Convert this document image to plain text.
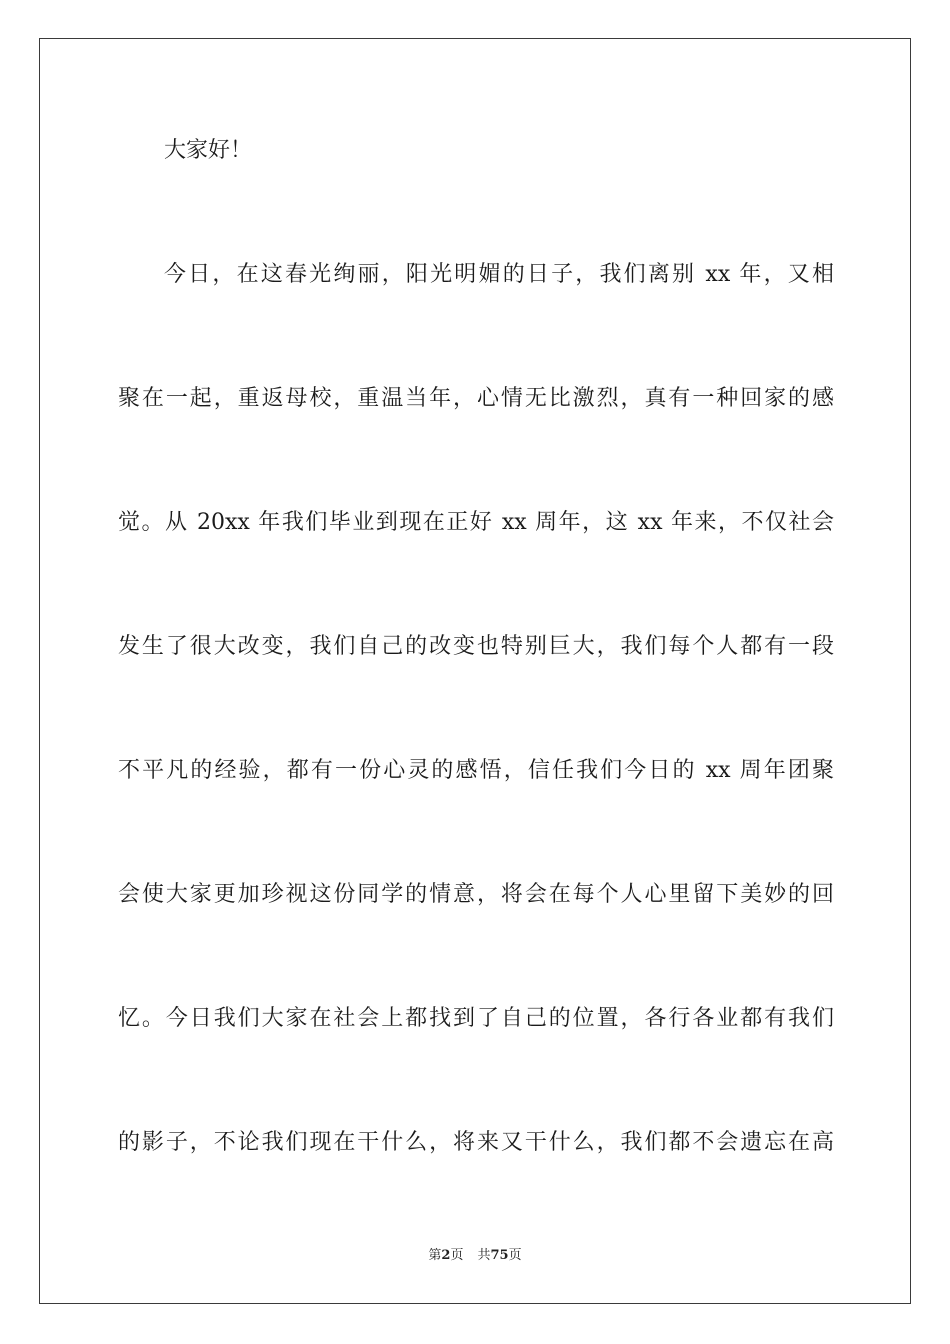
大家好！
今日，在这春光绚丽，阳光明媚的日子，我们离别 xx 年，又相
聚在一起，重返母校，重温当年，心情无比激烈，真有一种回家的感
觉。从 20xx 年我们毕业到现在正好 xx 周年，这 xx 年来，不仅社会
发生了很大改变，我们自己的改变也特别巨大，我们每个人都有一段
不平凡的经验，都有一份心灵的感悟，信任我们今日的 xx 周年团聚
会使大家更加珍视这份同学的情意，将会在每个人心里留下美妙的回
忆。今日我们大家在社会上都找到了自己的位置，各行各业都有我们
的影子，不论我们现在干什么，将来又干什么，我们都不会遗忘在高
第2页 共75页
